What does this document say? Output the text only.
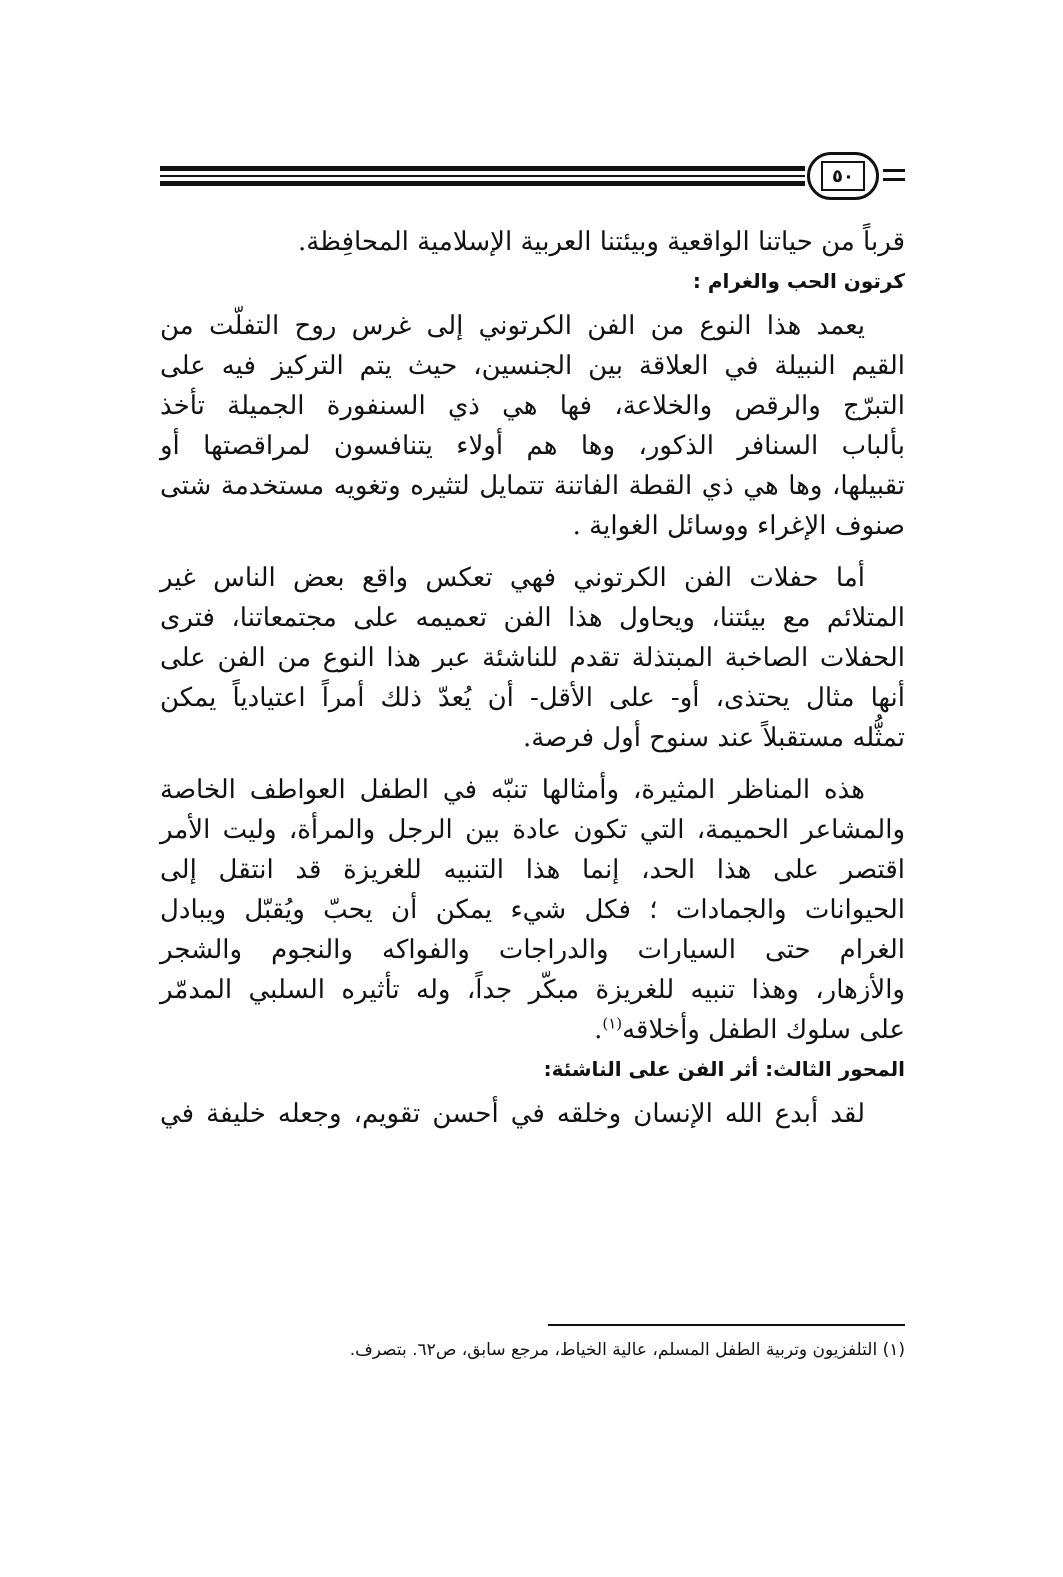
٥٠

قرباً من حياتنا الواقعية وبيئتنا العربية الإسلامية المحافِظة.

كرتون الحب والغرام :

يعمد هذا النوع من الفن الكرتوني إلى غرس روح التفلّت من
القيم النبيلة في العلاقة بين الجنسين، حيث يتم التركيز فيه على
التبرّج والرقص والخلاعة، فها هي ذي السنفورة الجميلة تأخذ
بألباب السنافر الذكور، وها هم أولاء يتنافسون لمراقصتها أو
تقبيلها، وها هي ذي القطة الفاتنة تتمايل لتثيره وتغويه مستخدمة شتى
صنوف الإغراء ووسائل الغواية .

أما حفلات الفن الكرتوني فهي تعكس واقع بعض الناس غير
المتلائم مع بيئتنا، ويحاول هذا الفن تعميمه على مجتمعاتنا، فترى
الحفلات الصاخبة المبتذلة تقدم للناشئة عبر هذا النوع من الفن على
أنها مثال يحتذى، أو- على الأقل- أن يُعدّ ذلك أمراً اعتيادياً يمكن
تمثُّله مستقبلاً عند سنوح أول فرصة.

هذه المناظر المثيرة، وأمثالها تنبّه في الطفل العواطف الخاصة
والمشاعر الحميمة، التي تكون عادة بين الرجل والمرأة، وليت الأمر
اقتصر على هذا الحد، إنما هذا التنبيه للغريزة قد انتقل إلى
الحيوانات والجمادات ؛ فكل شيء يمكن أن يحبّ ويُقبّل ويبادل
الغرام حتى السيارات والدراجات والفواكه والنجوم والشجر
والأزهار، وهذا تنبيه للغريزة مبكّر جداً، وله تأثيره السلبي المدمّر
على سلوك الطفل وأخلاقه$^{(١)}$.

المحور الثالث: أثر الفن على الناشئة:

لقد أبدع الله الإنسان وخلقه في أحسن تقويم، وجعله خليفة في

(١) التلفزيون وتربية الطفل المسلم، عالية الخياط، مرجع سابق، ص٦٢. بتصرف.
